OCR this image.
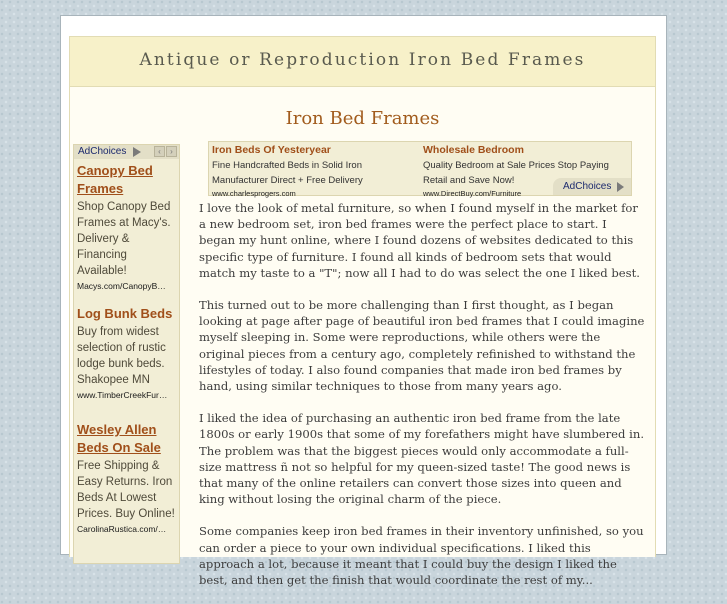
Antique or Reproduction Iron Bed Frames
Iron Bed Frames
AdChoices	‹	›
Canopy Bed Frames
Shop Canopy Bed Frames at Macy's. Delivery & Financing Available!
Macys.com/CanopyB…
Log Bunk Beds
Buy from widest selection of rustic lodge bunk beds. Shakopee MN
www.TimberCreekFur…
Wesley Allen Beds On Sale
Free Shipping & Easy Returns. Iron Beds At Lowest Prices. Buy Online!
CarolinaRustica.com/…
Iron Beds Of Yesteryear
Fine Handcrafted Beds in Solid Iron Manufacturer Direct + Free Delivery
www.charlesprogers.com
Wholesale Bedroom
Quality Bedroom at Sale Prices Stop Paying Retail and Save Now!
www.DirectBuy.com/Furniture
AdChoices

I love the look of metal furniture, so when I found myself in the market for a new bedroom set, iron bed frames were the perfect place to start. I began my hunt online, where I found dozens of websites dedicated to this specific type of furniture. I found all kinds of bedroom sets that would match my taste to a "T"; now all I had to do was select the one I liked best.

This turned out to be more challenging than I first thought, as I began looking at page after page of beautiful iron bed frames that I could imagine myself sleeping in. Some were reproductions, while others were the original pieces from a century ago, completely refinished to withstand the lifestyles of today. I also found companies that made iron bed frames by hand, using similar techniques to those from many years ago.

I liked the idea of purchasing an authentic iron bed frame from the late 1800s or early 1900s that some of my forefathers might have slumbered in. The problem was that the biggest pieces would only accommodate a full-size mattress ñ not so helpful for my queen-sized taste! The good news is that many of the online retailers can convert those sizes into queen and king without losing the original charm of the piece.

Some companies keep iron bed frames in their inventory unfinished, so you can order a piece to your own individual specifications. I liked this approach a lot, because it meant that I could buy the design I liked the best, and then get the finish that would coordinate the rest of my...
